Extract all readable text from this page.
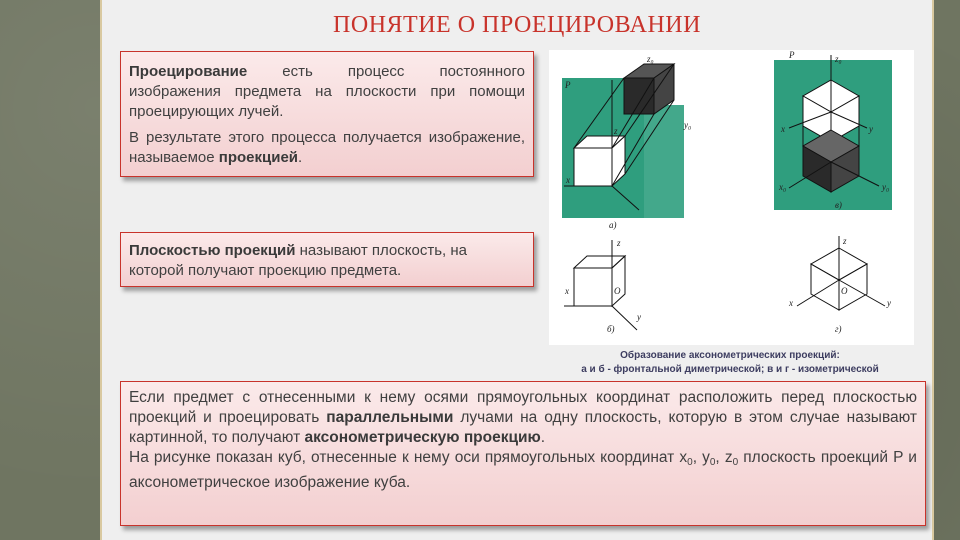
ПОНЯТИЕ О ПРОЕЦИРОВАНИИ

Проецирование есть процесс постоянного изображения предмета на плоскости при помощи проецирующих лучей.

В результате этого процесса получается изображение, называемое проекцией.

Плоскостью проекций называют плоскость, на которой получают проекцию предмета.

z₀
y₀
P
z
x
а)
P	z₀
x	y
x₀	y₀
в)
z
x
y
O
б)
z
x	y
O
г)
Образование аксонометрических проекций:
а и б - фронтальной диметрической; в и г - изометрической

Если предмет с отнесенными к нему осями прямоугольных координат расположить перед плоскостью проекций и проецировать параллельными лучами на одну плоскость, которую в этом случае называют картинной, то получают аксонометрическую проекцию.

На рисунке показан куб, отнесенные к нему оси прямоугольных координат $x_0$, $y_0$, $z_0$ плоскость проекций P и аксонометрическое изображение куба.
